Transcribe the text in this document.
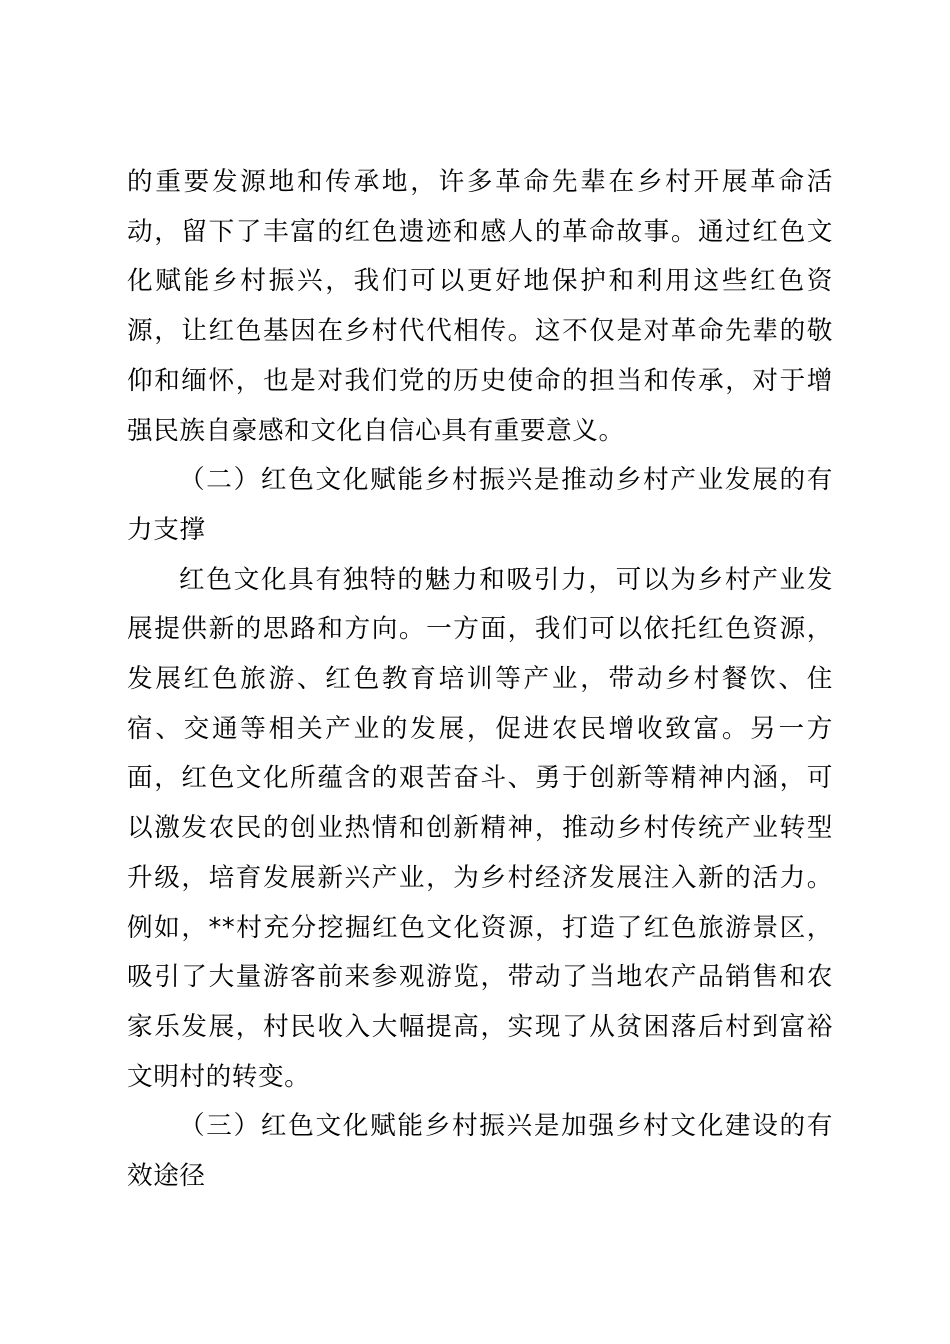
的重要发源地和传承地，许多革命先辈在乡村开展革命活动，留下了丰富的红色遗迹和感人的革命故事。通过红色文化赋能乡村振兴，我们可以更好地保护和利用这些红色资源，让红色基因在乡村代代相传。这不仅是对革命先辈的敬仰和缅怀，也是对我们党的历史使命的担当和传承，对于增强民族自豪感和文化自信心具有重要意义。

（二）红色文化赋能乡村振兴是推动乡村产业发展的有力支撑

红色文化具有独特的魅力和吸引力，可以为乡村产业发展提供新的思路和方向。一方面，我们可以依托红色资源，发展红色旅游、红色教育培训等产业，带动乡村餐饮、住宿、交通等相关产业的发展，促进农民增收致富。另一方面，红色文化所蕴含的艰苦奋斗、勇于创新等精神内涵，可以激发农民的创业热情和创新精神，推动乡村传统产业转型升级，培育发展新兴产业，为乡村经济发展注入新的活力。例如，**村充分挖掘红色文化资源，打造了红色旅游景区，吸引了大量游客前来参观游览，带动了当地农产品销售和农家乐发展，村民收入大幅提高，实现了从贫困落后村到富裕文明村的转变。

（三）红色文化赋能乡村振兴是加强乡村文化建设的有效途径
